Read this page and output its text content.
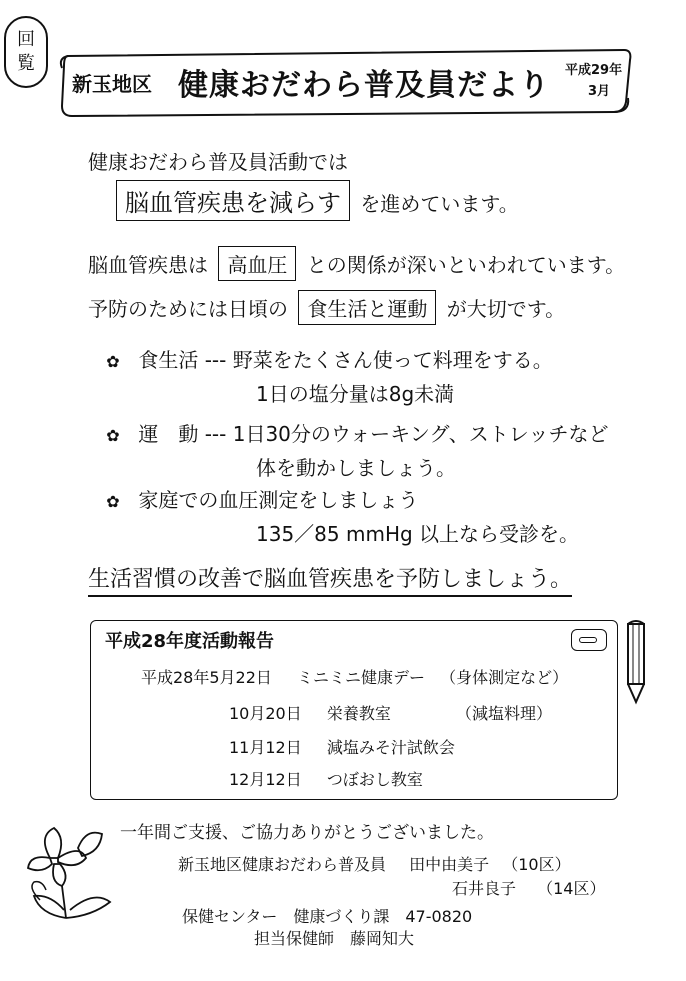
回
覧
新玉地区 健康おだわら普及員だより 平成29年
3月
健康おだわら普及員活動では
脳血管疾患を減らす を進めています。
脳血管疾患は 高血圧 との関係が深いといわれています。
予防のためには日頃の 食生活と運動 が大切です。
✿ 食生活 --- 野菜をたくさん使って料理をする。
1日の塩分量は8g未満
✿ 運　動 --- 1日30分のウォーキング、ストレッチなど
体を動かしましょう。
✿ 家庭での血圧測定をしましょう
135／85 mmHg 以上なら受診を。
生活習慣の改善で脳血管疾患を予防しましょう。
平成28年度活動報告
平成28年5月22日 ミニミニ健康デー （身体測定など）
10月20日 栄養教室	（減塩料理）
11月12日 減塩みそ汁試飲会
12月12日 つぼおし教室
一年間ご支援、ご協力ありがとうございました。
新玉地区健康おだわら普及員 田中由美子 （10区）
石井良子 （14区）
保健センター　健康づくり課　47-0820
担当保健師　藤岡知大
